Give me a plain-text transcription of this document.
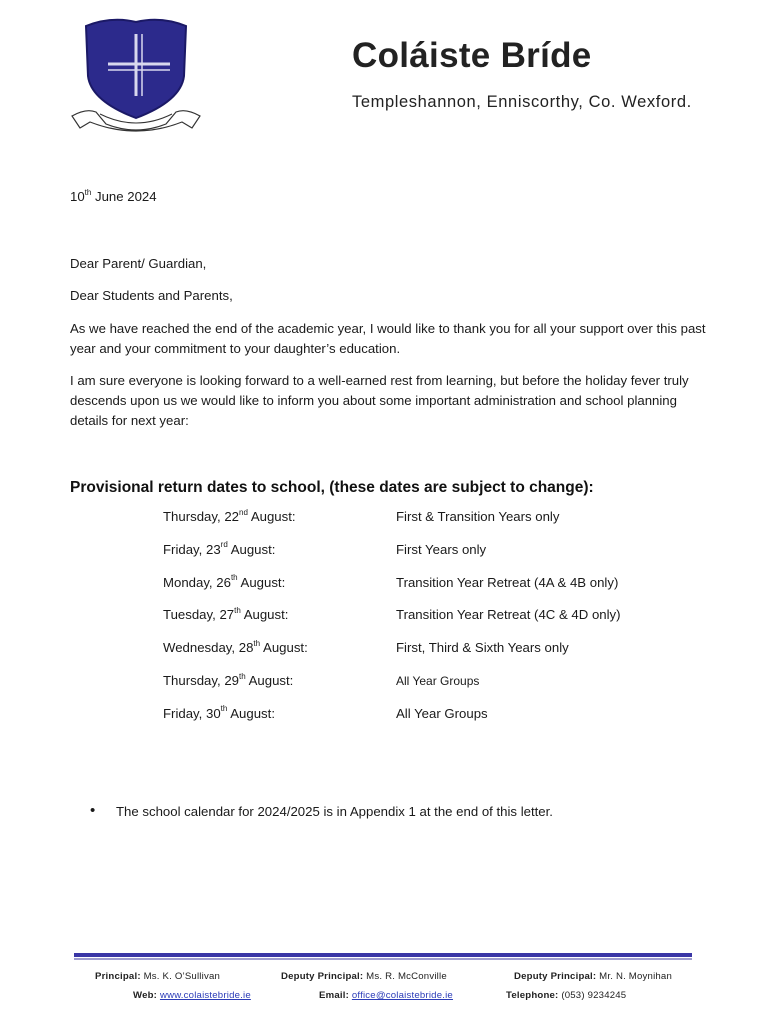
Coláiste Bríde
Templeshannon, Enniscorthy, Co. Wexford.
10th June 2024
Dear Parent/ Guardian,
Dear Students and Parents,
As we have reached the end of the academic year, I would like to thank you for all your support over this past year and your commitment to your daughter’s education.
I am sure everyone is looking forward to a well-earned rest from learning, but before the holiday fever truly descends upon us we would like to inform you about some important administration and school planning details for next year:
Provisional return dates to school, (these dates are subject to change):
Thursday, 22nd August:	First & Transition Years only
Friday, 23rd August:	First Years only
Monday, 26th August:	Transition Year Retreat (4A & 4B only)
Tuesday, 27th August:	Transition Year Retreat (4C & 4D only)
Wednesday, 28th August:	First, Third & Sixth Years only
Thursday, 29th August:	All Year Groups
Friday, 30th August:	All Year Groups
• The school calendar for 2024/2025 is in Appendix 1 at the end of this letter.
Principal: Ms. K. O’Sullivan	Deputy Principal: Ms. R. McConville	Deputy Principal: Mr. N. Moynihan
Web: www.colaistebride.ie	Email: office@colaistebride.ie	Telephone: (053) 9234245
